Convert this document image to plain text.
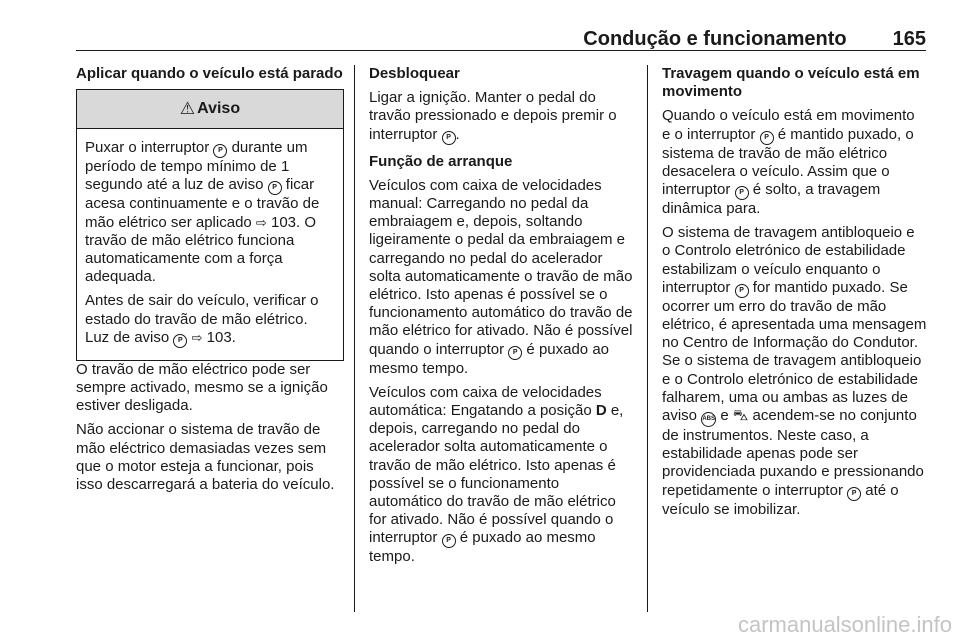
Condução e funcionamento 165

Aplicar quando o veículo está parado

⚠ Aviso

Puxar o interruptor P durante um período de tempo mínimo de 1 segundo até a luz de aviso P ficar acesa continuamente e o travão de mão elétrico ser aplicado ⇨ 103. O travão de mão elétrico funciona automaticamente com a força adequada.

Antes de sair do veículo, verificar o estado do travão de mão elétrico. Luz de aviso P ⇨ 103.

O travão de mão eléctrico pode ser sempre activado, mesmo se a ignição estiver desligada.

Não accionar o sistema de travão de mão eléctrico demasiadas vezes sem que o motor esteja a funcionar, pois isso descarregará a bateria do veículo.

Desbloquear

Ligar a ignição. Manter o pedal do travão pressionado e depois premir o interruptor P .

Função de arranque

Veículos com caixa de velocidades manual: Carregando no pedal da embraiagem e, depois, soltando ligeiramente o pedal da embraiagem e carregando no pedal do acelerador solta automaticamente o travão de mão elétrico. Isto apenas é possível se o funcionamento automático do travão de mão elétrico for ativado. Não é possível quando o interruptor P é puxado ao mesmo tempo.

Veículos com caixa de velocidades automática: Engatando a posição D e, depois, carregando no pedal do acelerador solta automaticamente o travão de mão elétrico. Isto apenas é possível se o funcionamento automático do travão de mão elétrico for ativado. Não é possível quando o interruptor P é puxado ao mesmo tempo.

Travagem quando o veículo está em movimento

Quando o veículo está em movimento e o interruptor P é mantido puxado, o sistema de travão de mão elétrico desacelera o veículo. Assim que o interruptor P é solto, a travagem dinâmica para.

O sistema de travagem antibloqueio e o Controlo eletrónico de estabilidade estabilizam o veículo enquanto o interruptor P for mantido puxado. Se ocorrer um erro do travão de mão elétrico, é apresentada uma mensagem no Centro de Informação do Condutor. Se o sistema de travagem antibloqueio e o Controlo eletrónico de estabilidade falharem, uma ou ambas as luzes de aviso ABS e ⛍ acendem-se no conjunto de instrumentos. Neste caso, a estabilidade apenas pode ser providenciada puxando e pressionando repetidamente o interruptor P até o veículo se imobilizar.

carmanualsonline.info
